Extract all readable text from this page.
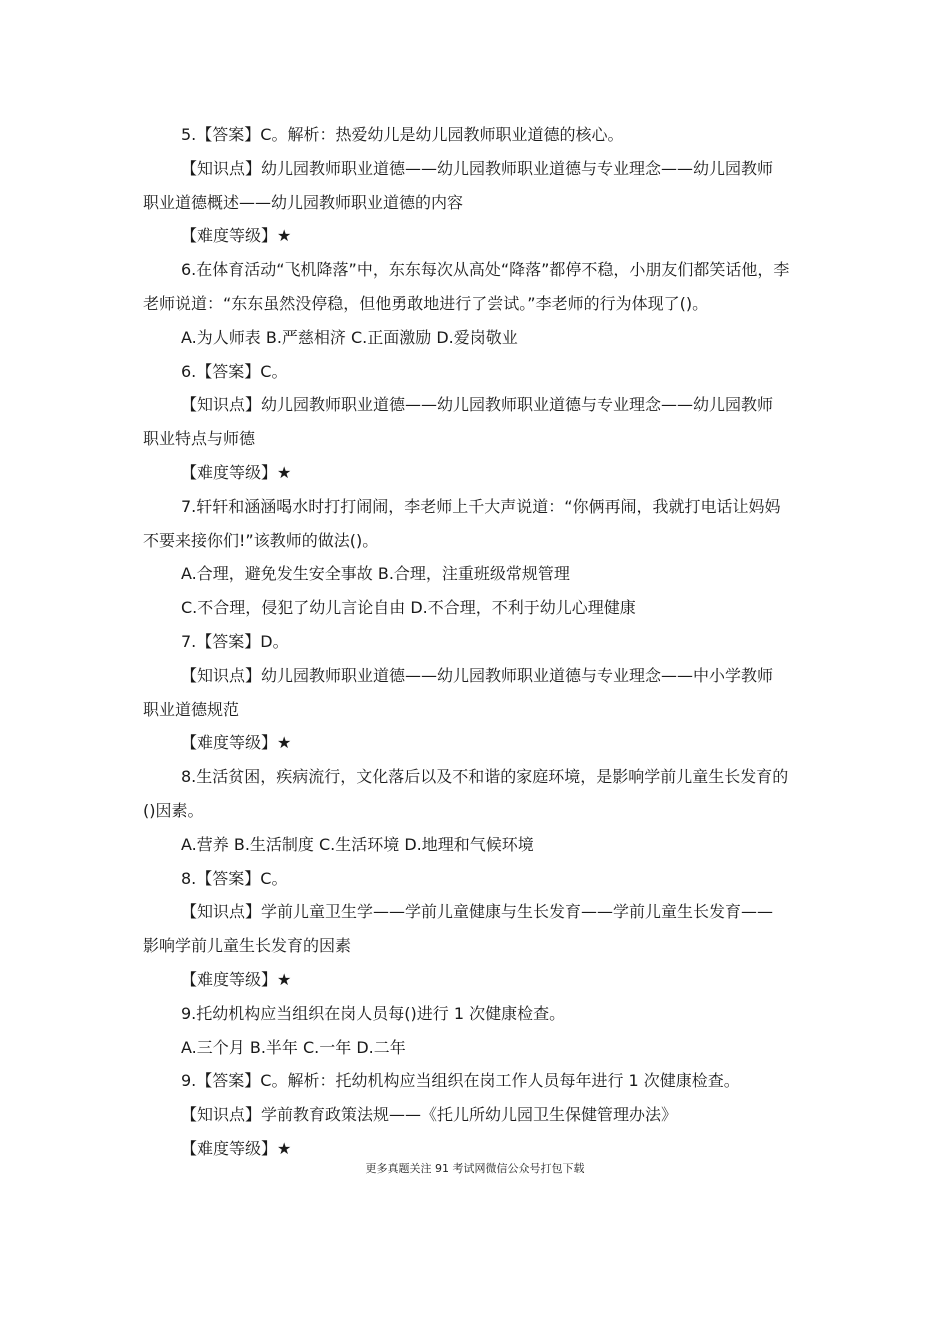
5.【答案】C。解析：热爱幼儿是幼儿园教师职业道德的核心。
【知识点】幼儿园教师职业道德——幼儿园教师职业道德与专业理念——幼儿园教师
职业道德概述——幼儿园教师职业道德的内容
【难度等级】★
6.在体育活动“飞机降落”中，东东每次从高处“降落”都停不稳，小朋友们都笑话他，李
老师说道：“东东虽然没停稳，但他勇敢地进行了尝试。”李老师的行为体现了()。
A.为人师表 B.严慈相济 C.正面激励 D.爱岗敬业
6.【答案】C。
【知识点】幼儿园教师职业道德——幼儿园教师职业道德与专业理念——幼儿园教师
职业特点与师德
【难度等级】★
7.轩轩和涵涵喝水时打打闹闹，李老师上千大声说道：“你俩再闹，我就打电话让妈妈
不要来接你们!”该教师的做法()。
A.合理，避免发生安全事故 B.合理，注重班级常规管理
C.不合理，侵犯了幼儿言论自由 D.不合理，不利于幼儿心理健康
7.【答案】D。
【知识点】幼儿园教师职业道德——幼儿园教师职业道德与专业理念——中小学教师
职业道德规范
【难度等级】★
8.生活贫困，疾病流行，文化落后以及不和谐的家庭环境，是影响学前儿童生长发育的
()因素。
A.营养 B.生活制度 C.生活环境 D.地理和气候环境
8.【答案】C。
【知识点】学前儿童卫生学——学前儿童健康与生长发育——学前儿童生长发育——
影响学前儿童生长发育的因素
【难度等级】★
9.托幼机构应当组织在岗人员每()进行 1 次健康检查。
A.三个月 B.半年 C.一年 D.二年
9.【答案】C。解析：托幼机构应当组织在岗工作人员每年进行 1 次健康检查。
【知识点】学前教育政策法规——《托儿所幼儿园卫生保健管理办法》
【难度等级】★
更多真题关注 91 考试网微信公众号打包下载
